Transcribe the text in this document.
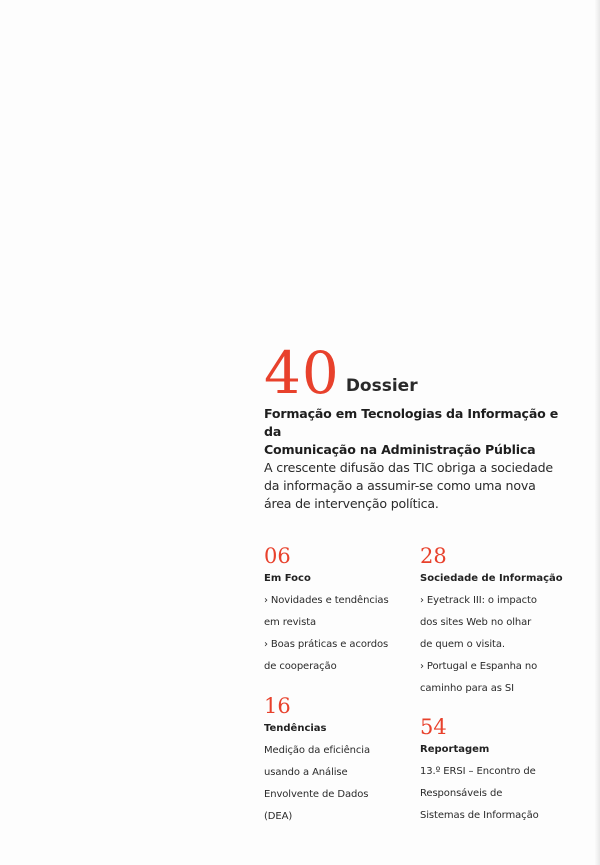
40 Dossier
Formação em Tecnologias da Informação e da
Comunicação na Administração Pública
A crescente difusão das TIC obriga a sociedade
da informação a assumir-se como uma nova
área de intervenção política.
06
Em Foco
› Novidades e tendências
em revista
› Boas práticas e acordos
de cooperação
28
Sociedade de Informação
› Eyetrack III: o impacto
dos sites Web no olhar
de quem o visita.
› Portugal e Espanha no
caminho para as SI
16
Tendências
Medição da eficiência
usando a Análise
Envolvente de Dados
(DEA)
54
Reportagem
13.º ERSI – Encontro de
Responsáveis de
Sistemas de Informação
